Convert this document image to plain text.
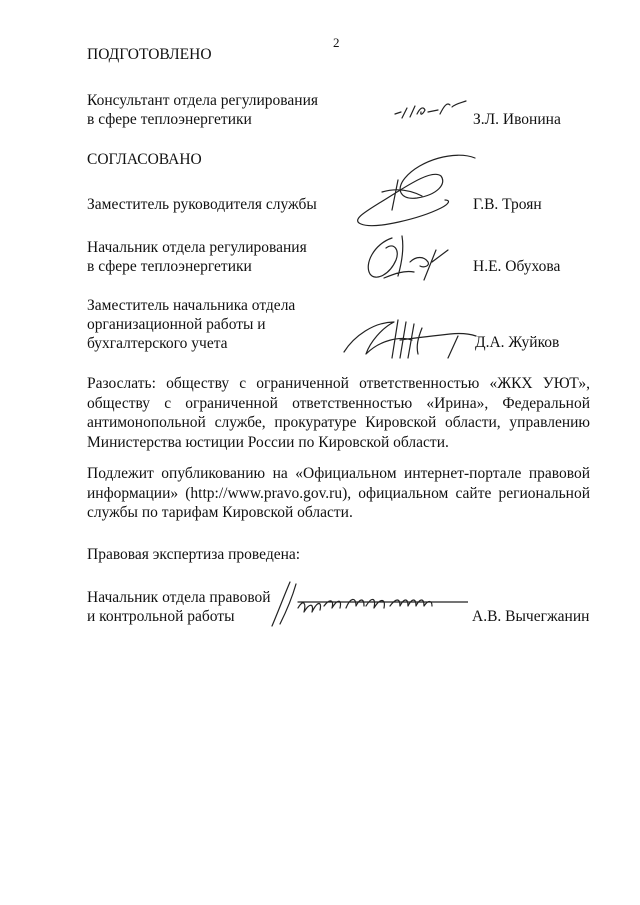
2
ПОДГОТОВЛЕНО
Консультант отдела регулирования
в сфере теплоэнергетики	З.Л. Ивонина
СОГЛАСОВАНО
Заместитель руководителя службы	Г.В. Троян
Начальник отдела регулирования
в сфере теплоэнергетики	Н.Е. Обухова
Заместитель начальника отдела
организационной работы и
бухгалтерского учета	Д.А. Жуйков
Разослать: обществу с ограниченной ответственностью «ЖКХ УЮТ»,
обществу с ограниченной ответственностью «Ирина», Федеральной
антимонопольной службе, прокуратуре Кировской области, управлению
Министерства юстиции России по Кировской области.
Подлежит опубликованию на «Официальном интернет-портале правовой
информации» (http://www.pravo.gov.ru), официальном сайте региональной
службы по тарифам Кировской области.
Правовая экспертиза проведена:
Начальник отдела правовой
и контрольной работы	А.В. Вычегжанин
